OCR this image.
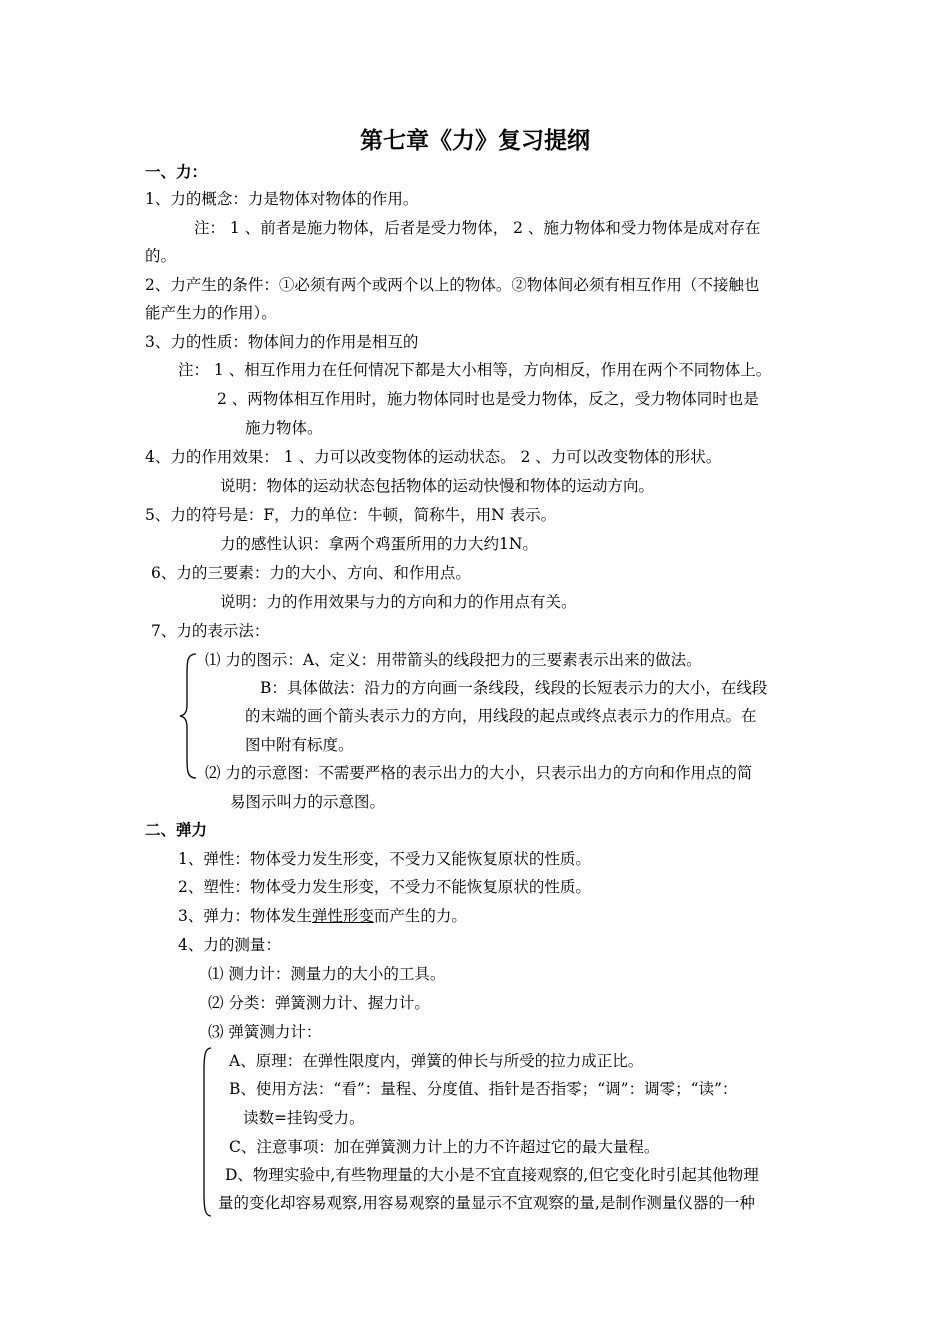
第七章《力》复习提纲
一、力：
1、力的概念：力是物体对物体的作用。
注： 1 、前者是施力物体，后者是受力物体， 2 、施力物体和受力物体是成对存在
的。
2、力产生的条件：①必须有两个或两个以上的物体。②物体间必须有相互作用（不接触也
能产生力的作用）。
3、力的性质：物体间力的作用是相互的
注： 1 、相互作用力在任何情况下都是大小相等，方向相反，作用在两个不同物体上。
2 、两物体相互作用时，施力物体同时也是受力物体，反之，受力物体同时也是
施力物体。
4、力的作用效果： 1 、力可以改变物体的运动状态。 2 、力可以改变物体的形状。
说明：物体的运动状态包括物体的运动快慢和物体的运动方向。
5、力的符号是：F，力的单位：牛顿，简称牛，用N 表示。
力的感性认识：拿两个鸡蛋所用的力大约1N。
6、力的三要素：力的大小、方向、和作用点。
说明：力的作用效果与力的方向和力的作用点有关。
7、力的表示法：
⑴ 力的图示：A、定义：用带箭头的线段把力的三要素表示出来的做法。
B：具体做法：沿力的方向画一条线段，线段的长短表示力的大小，在线段
的末端的画个箭头表示力的方向，用线段的起点或终点表示力的作用点。在
图中附有标度。
⑵ 力的示意图：不需要严格的表示出力的大小，只表示出力的方向和作用点的简
易图示叫力的示意图。
二、弹力
1、弹性：物体受力发生形变，不受力又能恢复原状的性质。
2、塑性：物体受力发生形变，不受力不能恢复原状的性质。
3、弹力：物体发生弹性形变而产生的力。
4、力的测量：
⑴ 测力计：测量力的大小的工具。
⑵ 分类：弹簧测力计、握力计。
⑶ 弹簧测力计：
A、原理：在弹性限度内，弹簧的伸长与所受的拉力成正比。
B、使用方法：“看”：量程、分度值、指针是否指零；“调”：调零；“读”：
读数=挂钩受力。
C、注意事项：加在弹簧测力计上的力不许超过它的最大量程。
D、物理实验中,有些物理量的大小是不宜直接观察的,但它变化时引起其他物理
量的变化却容易观察,用容易观察的量显示不宜观察的量,是制作测量仪器的一种
